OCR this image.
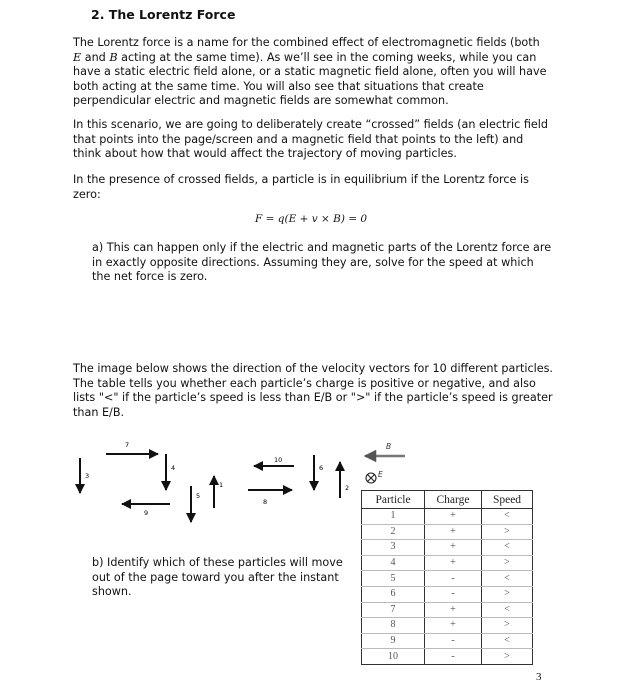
2. The Lorentz Force
The Lorentz force is a name for the combined effect of electromagnetic fields (both
E and B acting at the same time). As we’ll see in the coming weeks, while you can have a static electric field alone, or a static magnetic field alone, often you will have both acting at the same time. You will also see that situations that create perpendicular electric and magnetic fields are somewhat common.
In this scenario, we are going to deliberately create “crossed” fields (an electric field that points into the page/screen and a magnetic field that points to the left) and think about how that would affect the trajectory of moving particles.
In the presence of crossed fields, a particle is in equilibrium if the Lorentz force is zero:
F = q(E + v × B) = 0
a) This can happen only if the electric and magnetic parts of the Lorentz force are in exactly opposite directions. Assuming they are, solve for the speed at which the net force is zero.
The image below shows the direction of the velocity vectors for 10 different particles. The table tells you whether each particle’s charge is positive or negative, and also lists "<" if the particle’s speed is less than E/B or ">" if the particle’s speed is greater than E/B.
3
7
4
9
5
1
10
8
6
2
B
E
b) Identify which of these particles will move out of the page toward you after the instant shown.
Particle	Charge	Speed
1	+	<
2	+	>
3	+	<
4	+	>
5	-	<
6	-	>
7	+	<
8	+	>
9	-	<
10	-	>
3
